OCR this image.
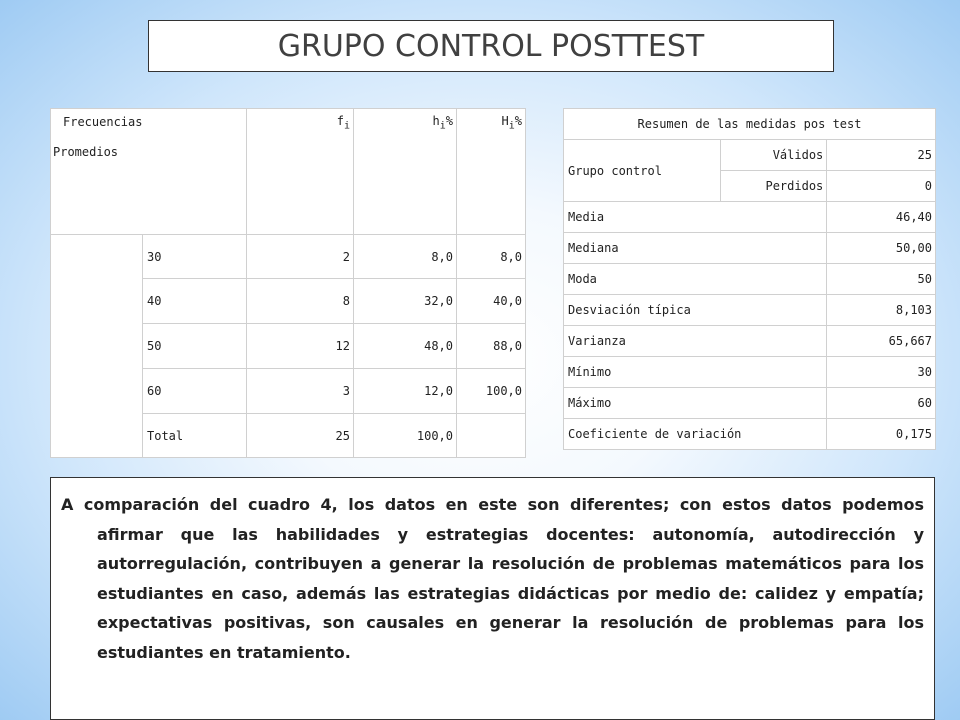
GRUPO CONTROL POSTTEST
Frecuencias
Promedios		$f_i$	$h_i\%$	$H_i\%$
	30	2	8,0	8,0
	40	8	32,0	40,0
	50	12	48,0	88,0
	60	3	12,0	100,0
	Total	25	100,0	
Resumen de las medidas pos test		
Grupo control	Válidos	25
	Perdidos	0
Media		46,40
Mediana		50,00
Moda		50
Desviación típica		8,103
Varianza		65,667
Mínimo		30
Máximo		60
Coeficiente de variación		0,175

A comparación del cuadro 4, los datos en este son diferentes; con estos datos podemos afirmar que las habilidades y estrategias docentes: autonomía, autodirección y autorregulación, contribuyen a generar la resolución de problemas matemáticos para los estudiantes en caso, además las estrategias didácticas por medio de: calidez y empatía; expectativas positivas, son causales en generar la resolución de problemas para los estudiantes en tratamiento.
